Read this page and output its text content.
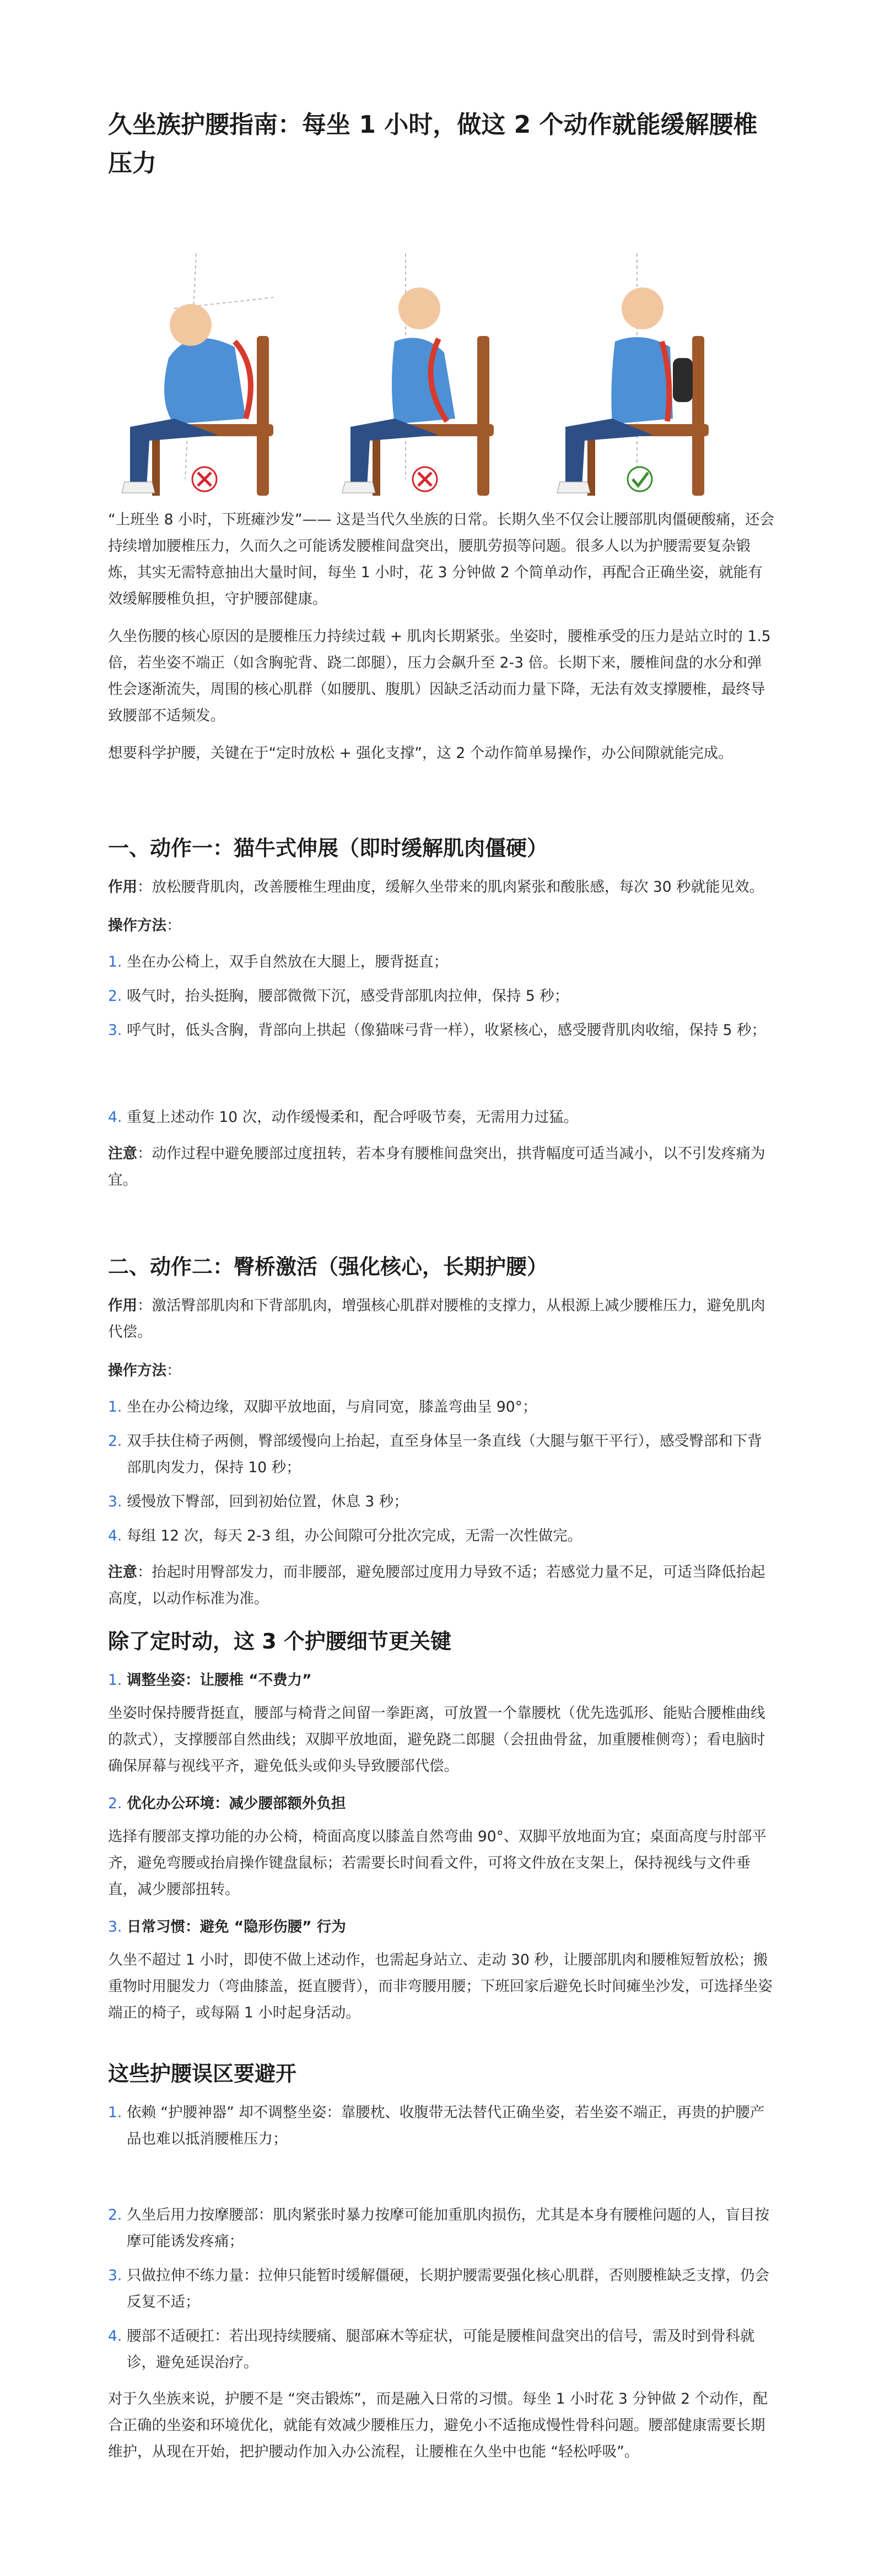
久坐族护腰指南：每坐 1 小时，做这 2 个动作就能缓解腰椎压力

“上班坐 8 小时，下班瘫沙发”—— 这是当代久坐族的日常。长期久坐不仅会让腰部肌肉僵硬酸痛，还会持续增加腰椎压力，久而久之可能诱发腰椎间盘突出，腰肌劳损等问题。很多人以为护腰需要复杂锻炼，其实无需特意抽出大量时间，每坐 1 小时，花 3 分钟做 2 个简单动作，再配合正确坐姿，就能有效缓解腰椎负担，守护腰部健康。

久坐伤腰的核心原因的是腰椎压力持续过载 + 肌肉长期紧张。坐姿时，腰椎承受的压力是站立时的 1.5 倍，若坐姿不端正（如含胸驼背、跷二郎腿），压力会飙升至 2-3 倍。长期下来，腰椎间盘的水分和弹性会逐渐流失，周围的核心肌群（如腰肌、腹肌）因缺乏活动而力量下降，无法有效支撑腰椎，最终导致腰部不适频发。

想要科学护腰，关键在于“定时放松 + 强化支撑”，这 2 个动作简单易操作，办公间隙就能完成。

一、动作一：猫牛式伸展（即时缓解肌肉僵硬）

作用：放松腰背肌肉，改善腰椎生理曲度，缓解久坐带来的肌肉紧张和酸胀感，每次 30 秒就能见效。

操作方法：

1. 坐在办公椅上，双手自然放在大腿上，腰背挺直；
2. 吸气时，抬头挺胸，腰部微微下沉，感受背部肌肉拉伸，保持 5 秒；
3. 呼气时，低头含胸，背部向上拱起（像猫咪弓背一样），收紧核心，感受腰背肌肉收缩，保持 5 秒；
4. 重复上述动作 10 次，动作缓慢柔和，配合呼吸节奏，无需用力过猛。

注意：动作过程中避免腰部过度扭转，若本身有腰椎间盘突出，拱背幅度可适当减小，以不引发疼痛为宜。

二、动作二：臀桥激活（强化核心，长期护腰）

作用：激活臀部肌肉和下背部肌肉，增强核心肌群对腰椎的支撑力，从根源上减少腰椎压力，避免肌肉代偿。

操作方法：

1. 坐在办公椅边缘，双脚平放地面，与肩同宽，膝盖弯曲呈 90°；
2. 双手扶住椅子两侧，臀部缓慢向上抬起，直至身体呈一条直线（大腿与躯干平行），感受臀部和下背部肌肉发力，保持 10 秒；
3. 缓慢放下臀部，回到初始位置，休息 3 秒；
4. 每组 12 次，每天 2-3 组，办公间隙可分批次完成，无需一次性做完。

注意：抬起时用臀部发力，而非腰部，避免腰部过度用力导致不适；若感觉力量不足，可适当降低抬起高度，以动作标准为准。

除了定时动，这 3 个护腰细节更关键

1. 调整坐姿：让腰椎 “不费力”

坐姿时保持腰背挺直，腰部与椅背之间留一拳距离，可放置一个靠腰枕（优先选弧形、能贴合腰椎曲线的款式），支撑腰部自然曲线；双脚平放地面，避免跷二郎腿（会扭曲骨盆，加重腰椎侧弯）；看电脑时确保屏幕与视线平齐，避免低头或仰头导致腰部代偿。

2. 优化办公环境：减少腰部额外负担

选择有腰部支撑功能的办公椅，椅面高度以膝盖自然弯曲 90°、双脚平放地面为宜；桌面高度与肘部平齐，避免弯腰或抬肩操作键盘鼠标；若需要长时间看文件，可将文件放在支架上，保持视线与文件垂直，减少腰部扭转。

3. 日常习惯：避免 “隐形伤腰” 行为

久坐不超过 1 小时，即使不做上述动作，也需起身站立、走动 30 秒，让腰部肌肉和腰椎短暂放松；搬重物时用腿发力（弯曲膝盖，挺直腰背），而非弯腰用腰；下班回家后避免长时间瘫坐沙发，可选择坐姿端正的椅子，或每隔 1 小时起身活动。

这些护腰误区要避开
1. 依赖 “护腰神器” 却不调整坐姿：靠腰枕、收腹带无法替代正确坐姿，若坐姿不端正，再贵的护腰产品也难以抵消腰椎压力；
2. 久坐后用力按摩腰部：肌肉紧张时暴力按摩可能加重肌肉损伤，尤其是本身有腰椎问题的人，盲目按摩可能诱发疼痛；
3. 只做拉伸不练力量：拉伸只能暂时缓解僵硬，长期护腰需要强化核心肌群，否则腰椎缺乏支撑，仍会反复不适；
4. 腰部不适硬扛：若出现持续腰痛、腿部麻木等症状，可能是腰椎间盘突出的信号，需及时到骨科就诊，避免延误治疗。

对于久坐族来说，护腰不是 “突击锻炼”，而是融入日常的习惯。每坐 1 小时花 3 分钟做 2 个动作，配合正确的坐姿和环境优化，就能有效减少腰椎压力，避免小不适拖成慢性骨科问题。腰部健康需要长期维护，从现在开始，把护腰动作加入办公流程，让腰椎在久坐中也能 “轻松呼吸”。
